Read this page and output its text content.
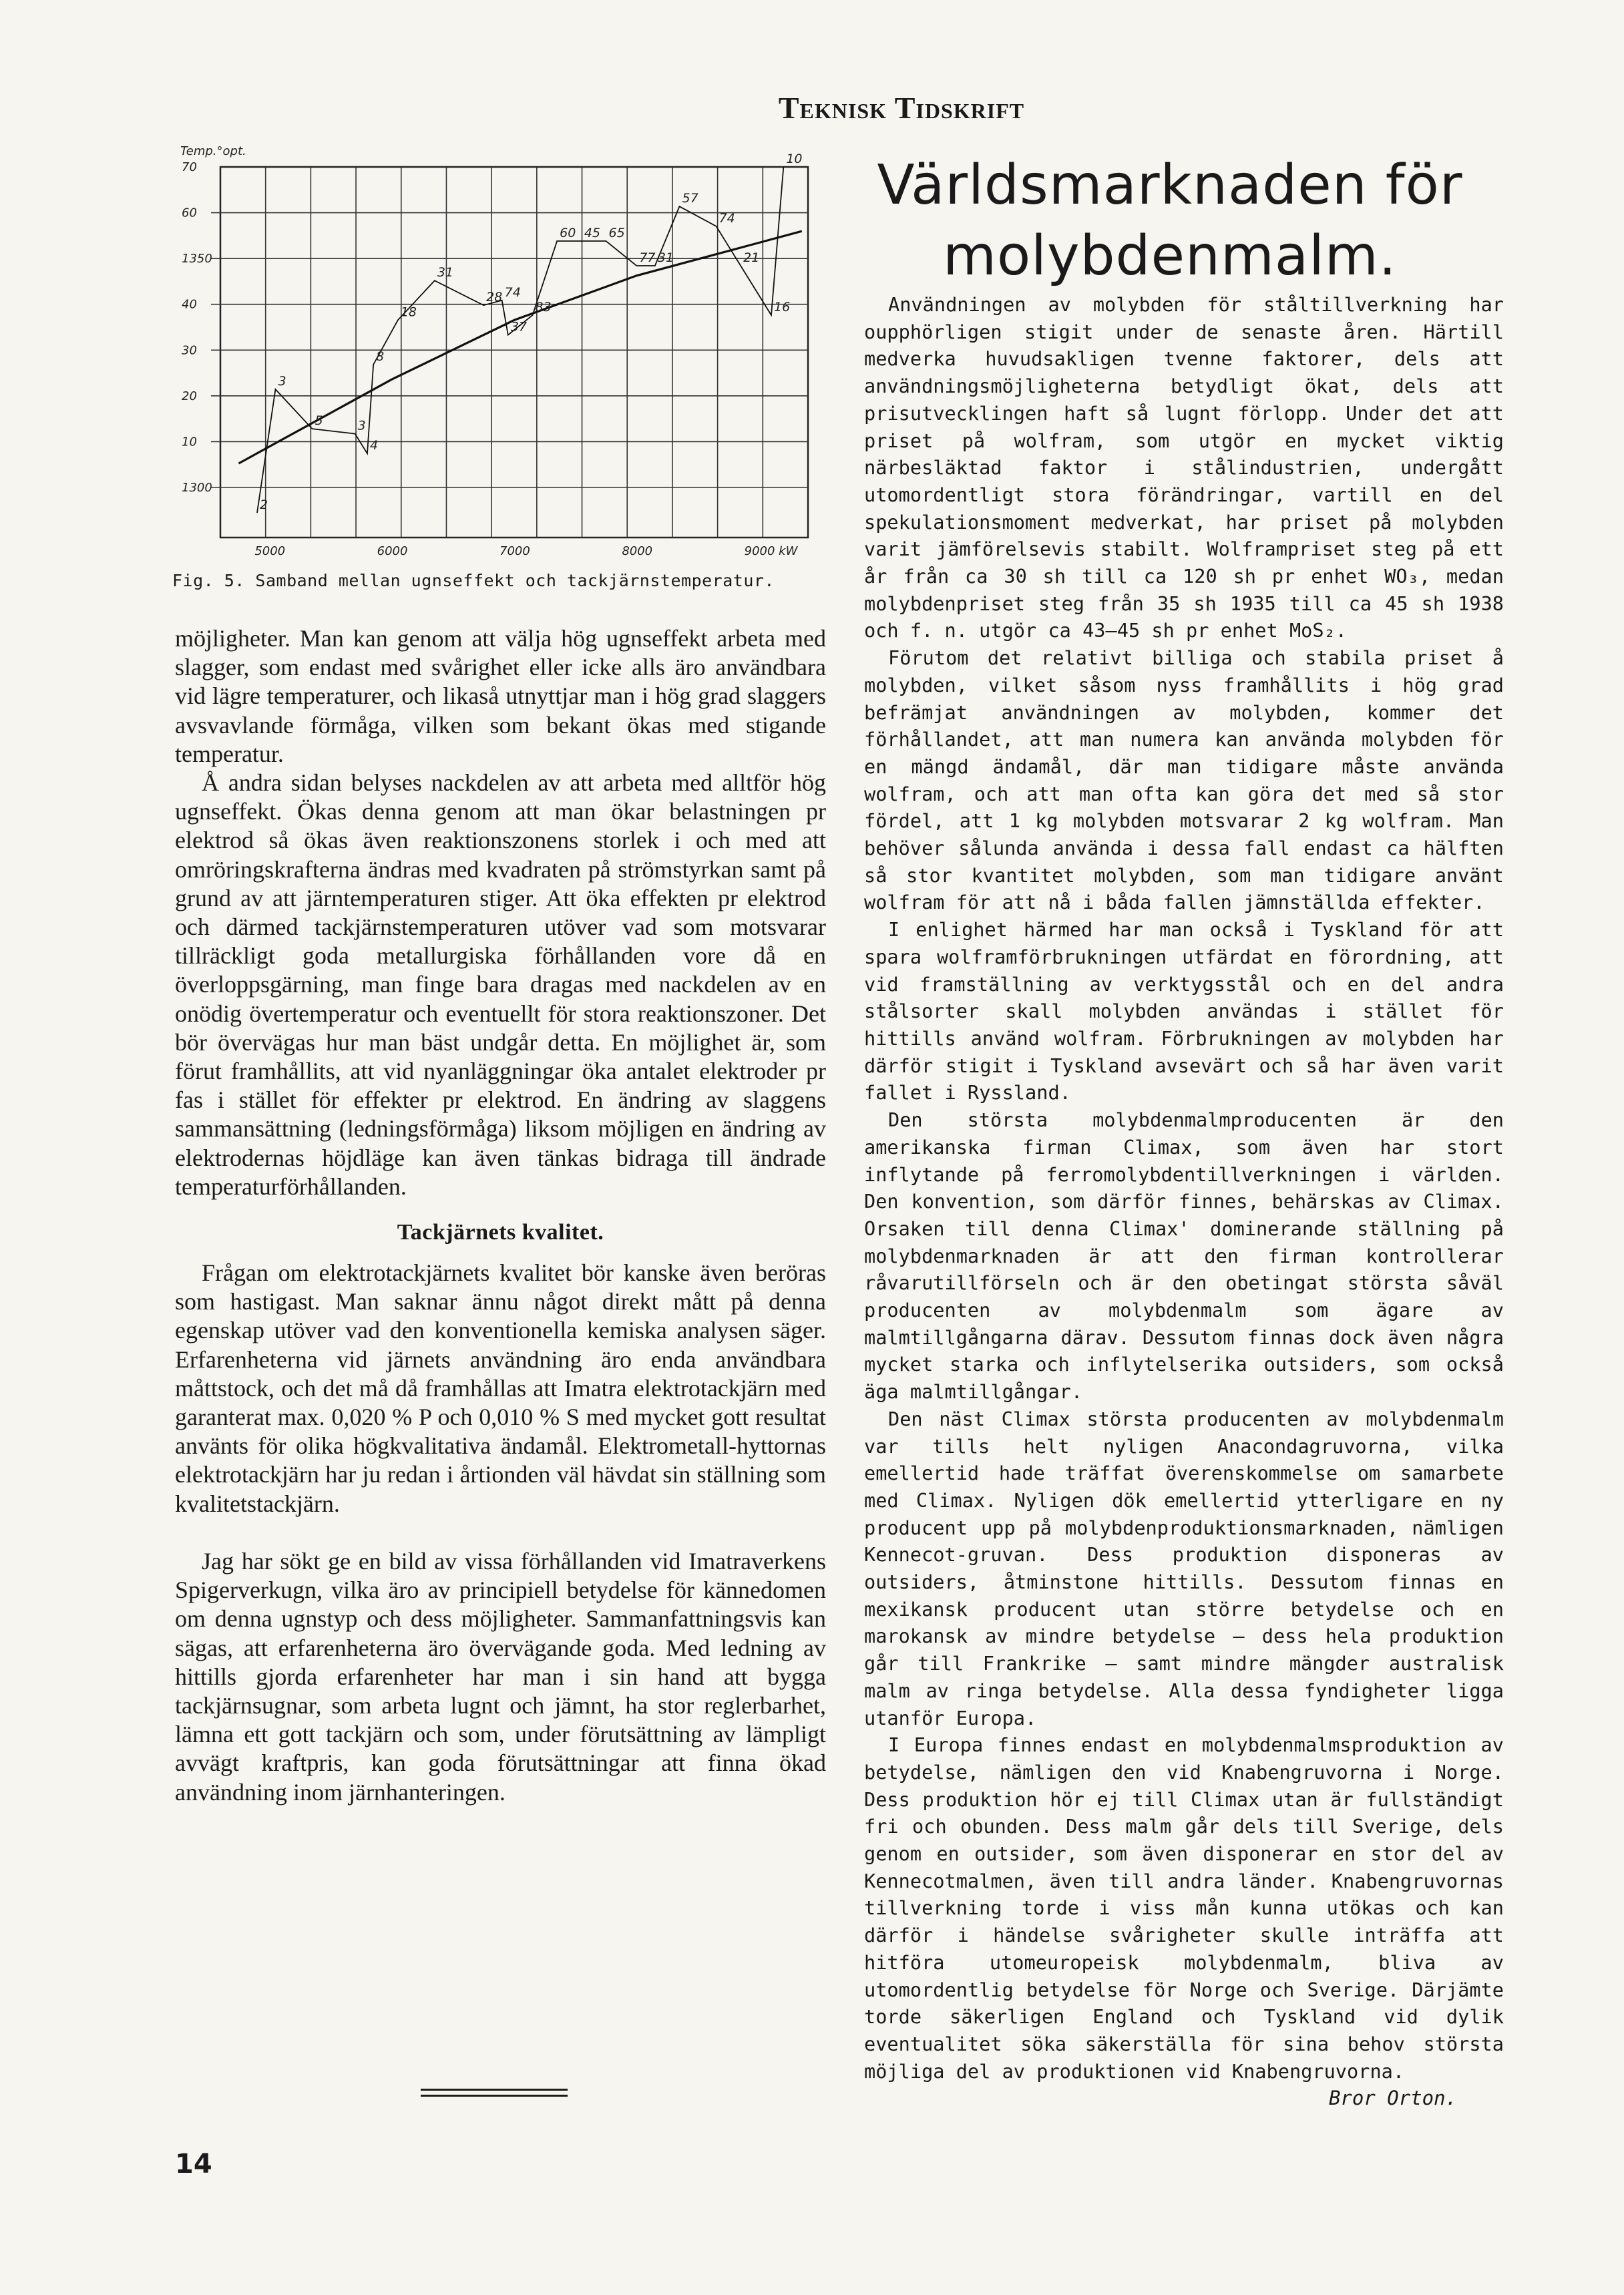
Teknisk Tidskrift
70
60
1350
40
30
20
10
1300
Temp.°opt.
5000	6000	7000	8000	9000 kW
2
3
5	3
4
8
18
31
28 74
37
83
60 45 65
77 31
57
74
21
16
10
Fig. 5. Samband mellan ugnseffekt och tackjärnstemperatur.
Världsmarknaden för
molybdenmalm.

möjligheter. Man kan genom att välja hög ugnseffekt arbeta med slagger, som endast med svårighet eller icke alls äro användbara vid lägre temperaturer, och likaså utnyttjar man i hög grad slaggers avsvavlande förmåga, vilken som bekant ökas med stigande temperatur.

Å andra sidan belyses nackdelen av att arbeta med alltför hög ugnseffekt. Ökas denna genom att man ökar belastningen pr elektrod så ökas även reaktionszonens storlek i och med att omröringskrafterna ändras med kvadraten på strömstyrkan samt på grund av att järntemperaturen stiger. Att öka effekten pr elektrod och därmed tackjärnstemperaturen utöver vad som motsvarar tillräckligt goda metallurgiska förhållanden vore då en överloppsgärning, man finge bara dragas med nackdelen av en onödig övertemperatur och eventuellt för stora reaktionszoner. Det bör övervägas hur man bäst undgår detta. En möjlighet är, som förut framhållits, att vid nyanläggningar öka antalet elektroder pr fas i stället för effekter pr elektrod. En ändring av slaggens sammansättning (ledningsförmåga) liksom möjligen en ändring av elektrodernas höjdläge kan även tänkas bidraga till ändrade temperaturförhållanden.

Tackjärnets kvalitet.

Frågan om elektrotackjärnets kvalitet bör kanske även beröras som hastigast. Man saknar ännu något direkt mått på denna egenskap utöver vad den konventionella kemiska analysen säger. Erfarenheterna vid järnets användning äro enda användbara måttstock, och det må då framhållas att Imatra elektrotackjärn med garanterat max. 0,020 % P och 0,010 % S med mycket gott resultat använts för olika högkvalitativa ändamål. Elektrometall-hyttornas elektrotackjärn har ju redan i årtionden väl hävdat sin ställning som kvalitetstackjärn.

Jag har sökt ge en bild av vissa förhållanden vid Imatraverkens Spigerverkugn, vilka äro av principiell betydelse för kännedomen om denna ugnstyp och dess möjligheter. Sammanfattningsvis kan sägas, att erfarenheterna äro övervägande goda. Med ledning av hittills gjorda erfarenheter har man i sin hand att bygga tackjärnsugnar, som arbeta lugnt och jämnt, ha stor reglerbarhet, lämna ett gott tackjärn och som, under förutsättning av lämpligt avvägt kraftpris, kan goda förutsättningar att finna ökad användning inom järnhanteringen.

Användningen av molybden för ståltillverkning har oupphörligen stigit under de senaste åren. Härtill medverka huvudsakligen tvenne faktorer, dels att användningsmöjligheterna betydligt ökat, dels att prisutvecklingen haft så lugnt förlopp. Under det att priset på wolfram, som utgör en mycket viktig närbesläktad faktor i stålindustrien, undergått utomordentligt stora förändringar, vartill en del spekulationsmoment medverkat, har priset på molybden varit jämförelsevis stabilt. Wolframpriset steg på ett år från ca 30 sh till ca 120 sh pr enhet WO₃, medan molybdenpriset steg från 35 sh 1935 till ca 45 sh 1938 och f. n. utgör ca 43—45 sh pr enhet MoS₂.

Förutom det relativt billiga och stabila priset å molybden, vilket såsom nyss framhållits i hög grad befrämjat användningen av molybden, kommer det förhållandet, att man numera kan använda molybden för en mängd ändamål, där man tidigare måste använda wolfram, och att man ofta kan göra det med så stor fördel, att 1 kg molybden motsvarar 2 kg wolfram. Man behöver sålunda använda i dessa fall endast ca hälften så stor kvantitet molybden, som man tidigare använt wolfram för att nå i båda fallen jämnställda effekter.

I enlighet härmed har man också i Tyskland för att spara wolframförbrukningen utfärdat en förordning, att vid framställning av verktygsstål och en del andra stålsorter skall molybden användas i stället för hittills använd wolfram. Förbrukningen av molybden har därför stigit i Tyskland avsevärt och så har även varit fallet i Ryssland.

Den största molybdenmalmproducenten är den amerikanska firman Climax, som även har stort inflytande på ferromolybdentillverkningen i världen. Den konvention, som därför finnes, behärskas av Climax. Orsaken till denna Climax' dominerande ställning på molybdenmarknaden är att den firman kontrollerar råvarutillförseln och är den obetingat största såväl producenten av molybdenmalm som ägare av malmtillgångarna därav. Dessutom finnas dock även några mycket starka och inflytelserika outsiders, som också äga malmtillgångar.

Den näst Climax största producenten av molybdenmalm var tills helt nyligen Anacondagruvorna, vilka emellertid hade träffat överenskommelse om samarbete med Climax. Nyligen dök emellertid ytterligare en ny producent upp på molybdenproduktionsmarknaden, nämligen Kennecot-gruvan. Dess produktion disponeras av outsiders, åtminstone hittills. Dessutom finnas en mexikansk producent utan större betydelse och en marokansk av mindre betydelse — dess hela produktion går till Frankrike — samt mindre mängder australisk malm av ringa betydelse. Alla dessa fyndigheter ligga utanför Europa.

I Europa finnes endast en molybdenmalmsproduktion av betydelse, nämligen den vid Knabengruvorna i Norge. Dess produktion hör ej till Climax utan är fullständigt fri och obunden. Dess malm går dels till Sverige, dels genom en outsider, som även disponerar en stor del av Kennecotmalmen, även till andra länder. Knabengruvornas tillverkning torde i viss mån kunna utökas och kan därför i händelse svårigheter skulle inträffa att hitföra utomeuropeisk molybdenmalm, bliva av utomordentlig betydelse för Norge och Sverige. Därjämte torde säkerligen England och Tyskland vid dylik eventualitet söka säkerställa för sina behov största möjliga del av produktionen vid Knabengruvorna.

Bror Orton.
14
